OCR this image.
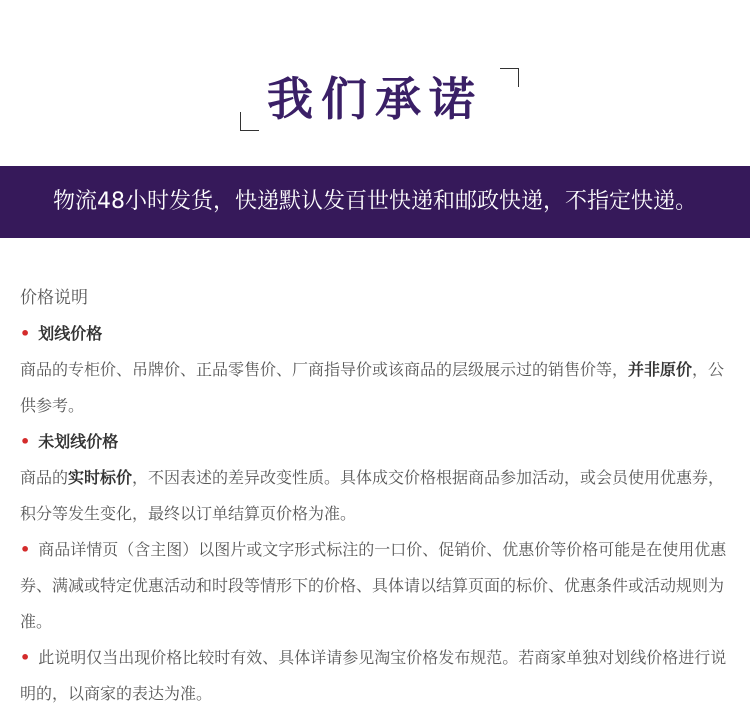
我们承诺
物流48小时发货，快递默认发百世快递和邮政快递，不指定快递。

价格说明

• 划线价格

商品的专柜价、吊牌价、正品零售价、厂商指导价或该商品的层级展示过的销售价等，并非原价，公供参考。

• 未划线价格

商品的实时标价，不因表述的差异改变性质。具体成交价格根据商品参加活动，或会员使用优惠券，积分等发生变化，最终以订单结算页价格为准。

• 商品详情页（含主图）以图片或文字形式标注的一口价、促销价、优惠价等价格可能是在使用优惠券、满减或特定优惠活动和时段等情形下的价格、具体请以结算页面的标价、优惠条件或活动规则为准。

• 此说明仅当出现价格比较时有效、具体详请参见淘宝价格发布规范。若商家单独对划线价格进行说明的，以商家的表达为准。
